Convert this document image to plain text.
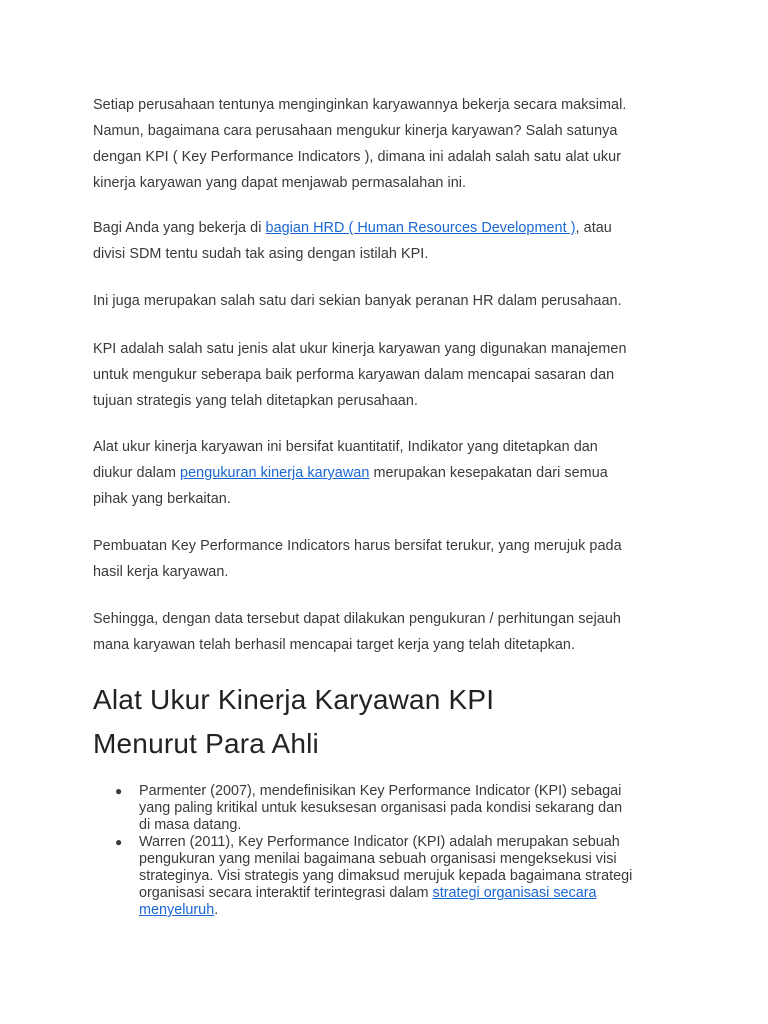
Setiap perusahaan tentunya menginginkan karyawannya bekerja secara maksimal.
Namun, bagaimana cara perusahaan mengukur kinerja karyawan? Salah satunya
dengan KPI ( Key Performance Indicators ), dimana ini adalah salah satu alat ukur
kinerja karyawan yang dapat menjawab permasalahan ini.

Bagi Anda yang bekerja di bagian HRD ( Human Resources Development ), atau
divisi SDM tentu sudah tak asing dengan istilah KPI.

Ini juga merupakan salah satu dari sekian banyak peranan HR dalam perusahaan.

KPI adalah salah satu jenis alat ukur kinerja karyawan yang digunakan manajemen
untuk mengukur seberapa baik performa karyawan dalam mencapai sasaran dan
tujuan strategis yang telah ditetapkan perusahaan.

Alat ukur kinerja karyawan ini bersifat kuantitatif, Indikator yang ditetapkan dan
diukur dalam pengukuran kinerja karyawan merupakan kesepakatan dari semua
pihak yang berkaitan.

Pembuatan Key Performance Indicators harus bersifat terukur, yang merujuk pada
hasil kerja karyawan.

Sehingga, dengan data tersebut dapat dilakukan pengukuran / perhitungan sejauh
mana karyawan telah berhasil mencapai target kerja yang telah ditetapkan.

Alat Ukur Kinerja Karyawan KPI
Menurut Para Ahli
● Parmenter (2007), mendefinisikan Key Performance Indicator (KPI) sebagai
yang paling kritikal untuk kesuksesan organisasi pada kondisi sekarang dan
di masa datang.
● Warren (2011), Key Performance Indicator (KPI) adalah merupakan sebuah
pengukuran yang menilai bagaimana sebuah organisasi mengeksekusi visi
strateginya. Visi strategis yang dimaksud merujuk kepada bagaimana strategi
organisasi secara interaktif terintegrasi dalam strategi organisasi secara
menyeluruh.
